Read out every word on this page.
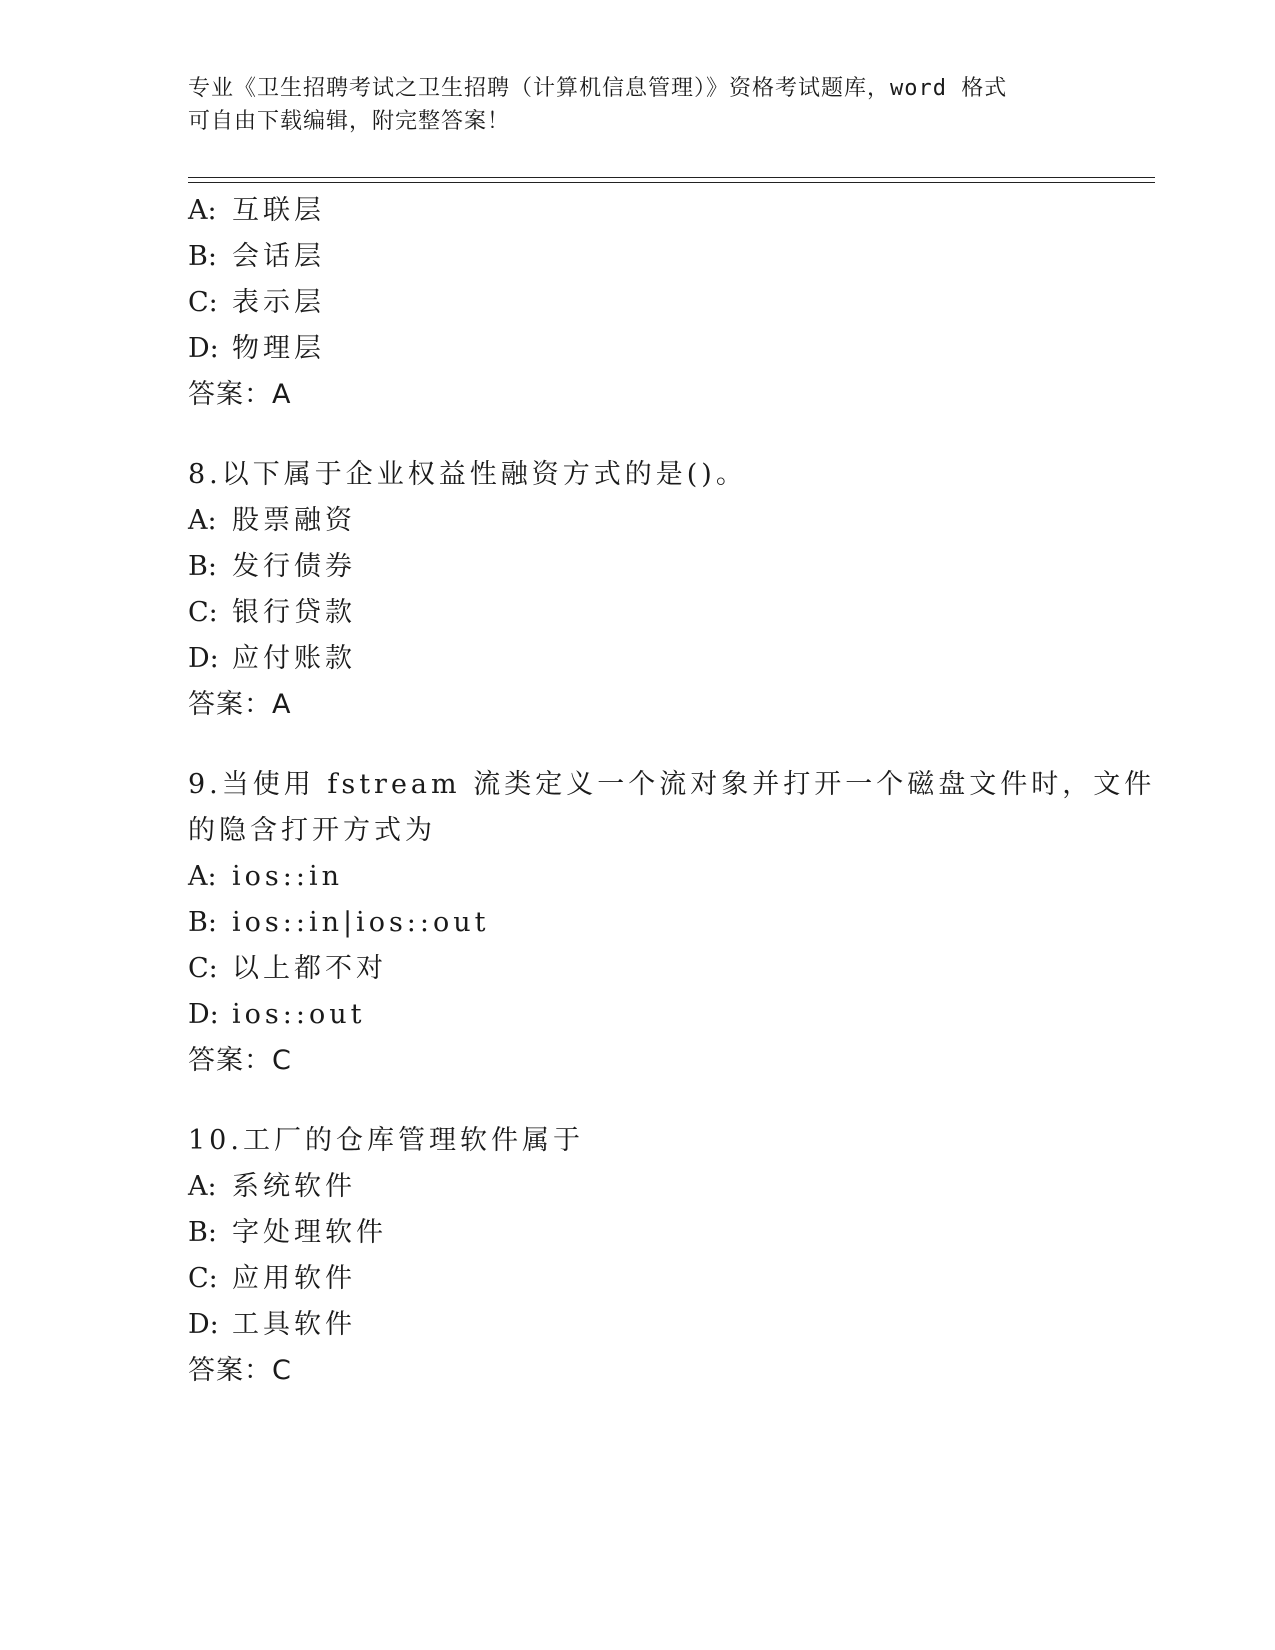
专业《卫生招聘考试之卫生招聘（计算机信息管理）》资格考试题库，word 格式
可自由下载编辑，附完整答案！
A: 互联层
B: 会话层
C: 表示层
D: 物理层
答案：A
8.以下属于企业权益性融资方式的是()。
A: 股票融资
B: 发行债券
C: 银行贷款
D: 应付账款
答案：A
9.当使用 fstream 流类定义一个流对象并打开一个磁盘文件时，文件
的隐含打开方式为
A: ios::in
B: ios::in|ios::out
C: 以上都不对
D: ios::out
答案：C
10.工厂的仓库管理软件属于
A: 系统软件
B: 字处理软件
C: 应用软件
D: 工具软件
答案：C
